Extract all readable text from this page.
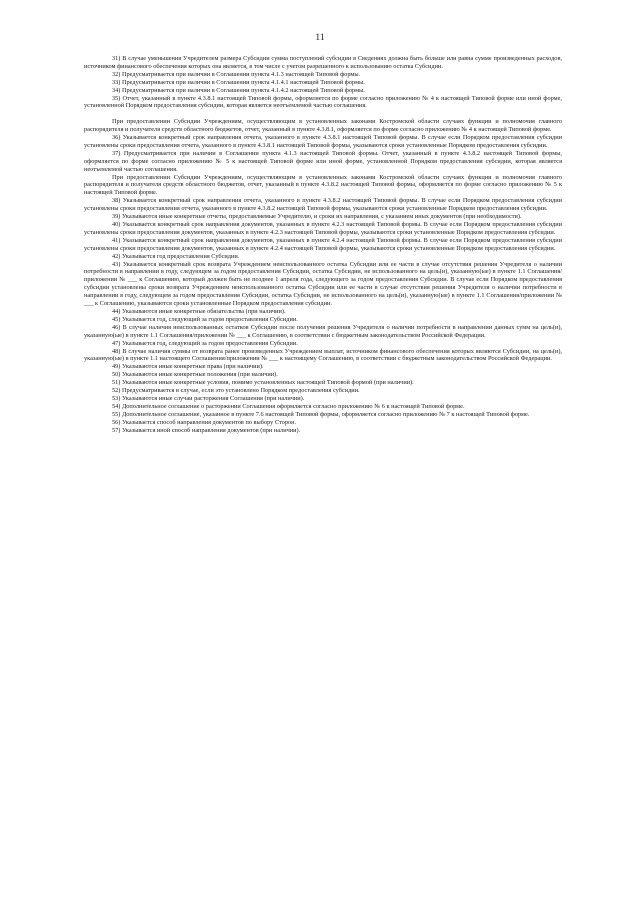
11

31) В случае уменьшения Учредителем размера Субсидии сумма поступлений субсидии в Сведениях должна быть больше или равна сумме произведенных расходов, источником финансового обеспечения которых она является, в том числе с учетом разрешенного к использованию остатка Субсидии.

32) Предусматривается при наличии в Соглашении пункта 4.1.3 настоящей Типовой формы.

33) Предусматривается при наличии в Соглашении пункта 4.1.4.1 настоящей Типовой формы.

34) Предусматривается при наличии в Соглашении пункта 4.1.4.2 настоящей Типовой формы.

35) Отчет, указанный в пункте 4.3.8.1 настоящей Типовой формы, оформляется по форме согласно приложению № 4 к настоящей Типовой форме или иной форме, установленной Порядком предоставления субсидии, которая является неотъемлемой частью соглашения.

При предоставлении Субсидии Учреждениям, осуществляющим в установленных законами Костромской области случаях функции и полномочия главного распорядителя и получателя средств областного бюджетов, отчет, указанный в пункте 4.3.8.1, оформляется по форме согласно приложению № 4 к настоящей Типовой форме.

36) Указывается конкретный срок направления отчета, указанного в пункте 4.3.8.1 настоящей Типовой формы. В случае если Порядком предоставления субсидии установлены сроки предоставления отчета, указанного в пункте 4.3.8.1 настоящей Типовой формы, указываются сроки установленные Порядком предоставления субсидии.

37) Предусматривается при наличии в Соглашении пункта 4.1.3 настоящей Типовой формы. Отчет, указанный в пункте 4.3.8.2 настоящей Типовой формы, оформляется по форме согласно приложению № 5 к настоящей Типовой форме или иной форме, установленной Порядком предоставления субсидии, которая является неотъемлемой частью соглашения.

При предоставлении Субсидии Учреждениям, осуществляющим в установленных законами Костромской области случаях функции и полномочия главного распорядителя и получателя средств областного бюджетов, отчет, указанный в пункте 4.3.8.2 настоящей Типовой формы, оформляется по форме согласно приложению № 5 к настоящей Типовой форме.

38) Указывается конкретный срок направления отчета, указанного в пункте 4.3.8.2 настоящей Типовой формы. В случае если Порядком предоставления субсидии установлены сроки предоставления отчета, указанного в пункте 4.3.8.2 настоящей Типовой формы, указываются сроки установленные Порядком предоставления субсидии.

39) Указываются иные конкретные отчеты, предоставляемые Учредителю, и сроки их направления, с указанием иных документов (при необходимости).

40) Указывается конкретный срок направления документов, указанных в пункте 4.2.3 настоящей Типовой формы. В случае если Порядком предоставления субсидии установлены сроки предоставления документов, указанных в пункте 4.2.3 настоящей Типовой формы, указываются сроки установленные Порядком предоставления субсидии.

41) Указывается конкретный срок направления документов, указанных в пункте 4.2.4 настоящей Типовой формы. В случае если Порядком предоставления субсидии установлены сроки предоставления документов, указанных в пункте 4.2.4 настоящей Типовой формы, указываются сроки установленные Порядком предоставления субсидии.

42) Указывается год предоставления Субсидии.

43) Указывается конкретный срок возврата Учреждением неиспользованного остатка Субсидии или ее части в случае отсутствия решения Учредителя о наличии потребности в направлении в году, следующем за годом предоставления Субсидии, остатка Субсидии, не использованного на цель(и), указанную(ые) в пункте 1.1 Соглашения/приложении № ___ к Соглашению, который должен быть не позднее 1 апреля года, следующего за годом предоставления Субсидии. В случае если Порядком предоставления субсидии установлены сроки возврата Учреждением неиспользованного остатка Субсидии или ее части в случае отсутствия решения Учредителя о наличии потребности в направлении в году, следующем за годом предоставления Субсидии, остатка Субсидии, не использованного на цель(и), указанную(ые) в пункте 1.1 Соглашения/приложении № ___ к Соглашению, указываются сроки установленные Порядком предоставления субсидии.

44) Указываются иные конкретные обязательства (при наличии).

45) Указывается год, следующий за годом предоставления Субсидии.

46) В случае наличия неиспользованных остатков Субсидии после получения решения Учредителя о наличии потребности в направлении данных сумм на цель(и), указанную(ые) в пункте 1.1 Соглашения/приложении № ___ к Соглашению, в соответствии с бюджетным законодательством Российской Федерации.

47) Указывается год, следующий за годом предоставления Субсидии.

48) В случае наличия суммы от возврата ранее произведенных Учреждением выплат, источником финансового обеспечения которых являются Субсидии, на цель(и), указанную(ые) в пункте 1.1 настоящего Соглашения/приложении № ___ к настоящему Соглашению, в соответствии с бюджетным законодательством Российской Федерации.

49) Указываются иные конкретные права (при наличии).

50) Указываются иные конкретные положения (при наличии).

51) Указываются иные конкретные условия, помимо установленных настоящей Типовой формой (при наличии).

52) Предусматривается в случае, если это установлено Порядком предоставления субсидии.

53) Указываются иные случаи расторжения Соглашения (при наличии).

54) Дополнительное соглашение о расторжении Соглашения оформляется согласно приложению № 6 к настоящей Типовой форме.

55) Дополнительное соглашение, указанное в пункте 7.6 настоящей Типовой формы, оформляется согласно приложению № 7 к настоящей Типовой форме.

56) Указывается способ направления документов по выбору Сторон.

57) Указывается иной способ направления документов (при наличии).
